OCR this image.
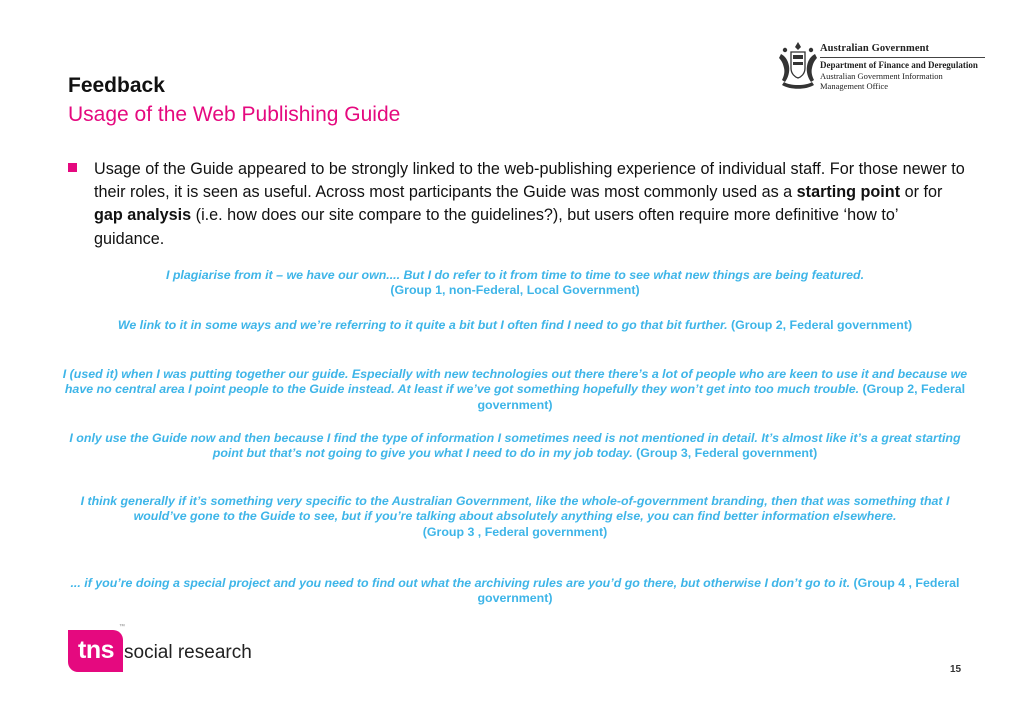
Australian Government
Department of Finance and Deregulation
Australian Government Information Management Office
Feedback
Usage of the Web Publishing Guide
Usage of the Guide appeared to be strongly linked to the web-publishing experience of individual staff. For those newer to their roles, it is seen as useful. Across most participants the Guide was most commonly used as a starting point or for gap analysis (i.e. how does our site compare to the guidelines?), but users often require more definitive ‘how to’ guidance.
I plagiarise from it – we have our own.... But I do refer to it from time to time to see what new things are being featured.
(Group 1, non-Federal, Local Government)
We link to it in some ways and we’re referring to it quite a bit but I often find I need to go that bit further. (Group 2, Federal government)
I (used it) when I was putting together our guide. Especially with new technologies out there there’s a lot of people who are keen to use it and because we have no central area I point people to the Guide instead. At least if we’ve got something hopefully they won’t get into too much trouble. (Group 2, Federal government)
I only use the Guide now and then because I find the type of information I sometimes need is not mentioned in detail. It’s almost like it’s a great starting point but that’s not going to give you what I need to do in my job today. (Group 3, Federal government)
I think generally if it’s something very specific to the Australian Government, like the whole-of-government branding, then that was something that I would’ve gone to the Guide to see, but if you’re talking about absolutely anything else, you can find better information elsewhere.
(Group 3 , Federal government)
... if you’re doing a special project and you need to find out what the archiving rules are you’d go there, but otherwise I don’t go to it. (Group 4 , Federal government)
tns
™
social research
15
